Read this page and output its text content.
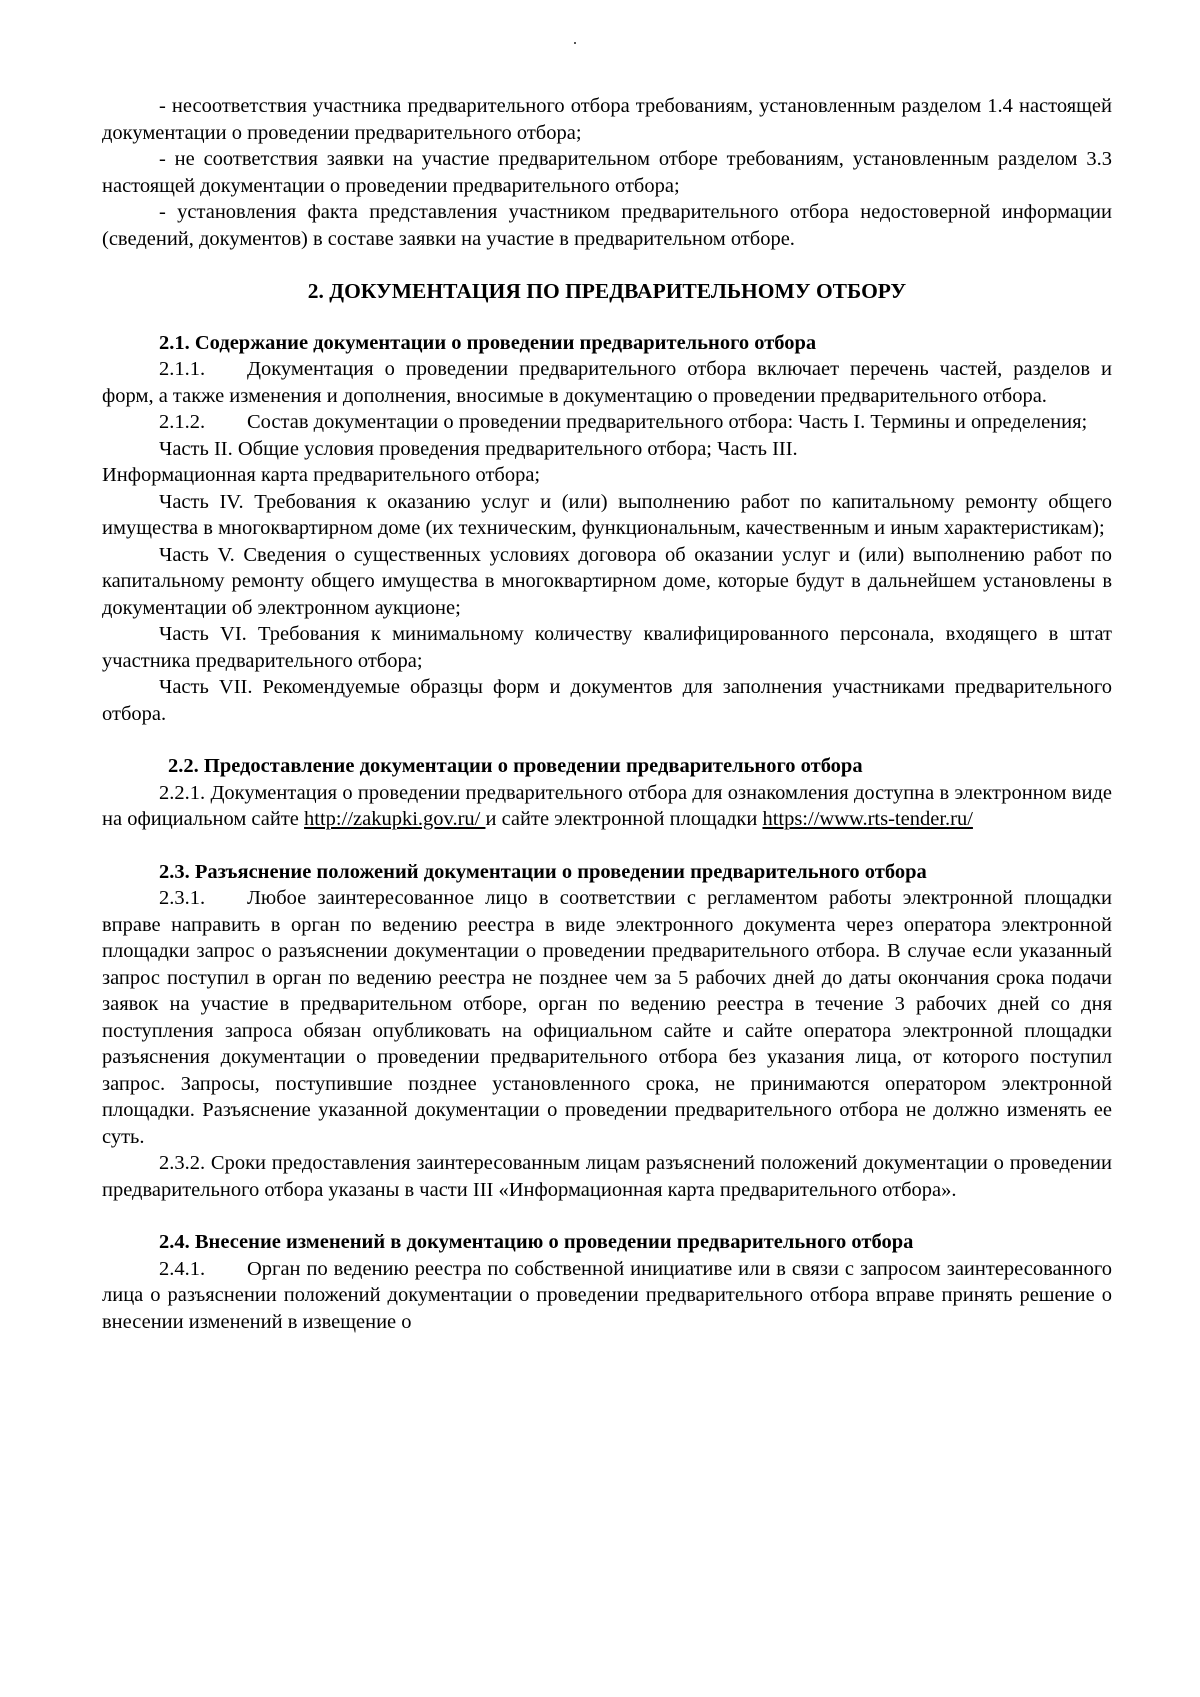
- несоответствия участника предварительного отбора требованиям, установленным разделом 1.4 настоящей документации о проведении предварительного отбора;

- не соответствия заявки на участие предварительном отборе требованиям, установленным разделом 3.3 настоящей документации о проведении предварительного отбора;

- установления факта представления участником предварительного отбора недостоверной информации (сведений, документов) в составе заявки на участие в предварительном отборе.

2. ДОКУМЕНТАЦИЯ ПО ПРЕДВАРИТЕЛЬНОМУ ОТБОРУ

2.1. Содержание документации о проведении предварительного отбора

2.1.1. Документация о проведении предварительного отбора включает перечень частей, разделов и форм, а также изменения и дополнения, вносимые в документацию о проведении предварительного отбора.

2.1.2. Состав документации о проведении предварительного отбора: Часть I. Термины и определения;

Часть II. Общие условия проведения предварительного отбора; Часть III.

Информационная карта предварительного отбора;

Часть IV. Требования к оказанию услуг и (или) выполнению работ по капитальному ремонту общего имущества в многоквартирном доме (их техническим, функциональным, качественным и иным характеристикам);

Часть V. Сведения о существенных условиях договора об оказании услуг и (или) выполнению работ по капитальному ремонту общего имущества в многоквартирном доме, которые будут в дальнейшем установлены в документации об электронном аукционе;

Часть VI. Требования к минимальному количеству квалифицированного персонала, входящего в штат участника предварительного отбора;

Часть VII. Рекомендуемые образцы форм и документов для заполнения участниками предварительного отбора.

2.2. Предоставление документации о проведении предварительного отбора

2.2.1. Документация о проведении предварительного отбора для ознакомления доступна в электронном виде на официальном сайте http://zakupki.gov.ru/ и сайте электронной площадки https://www.rts-tender.ru/

2.3. Разъяснение положений документации о проведении предварительного отбора

2.3.1. Любое заинтересованное лицо в соответствии с регламентом работы электронной площадки вправе направить в орган по ведению реестра в виде электронного документа через оператора электронной площадки запрос о разъяснении документации о проведении предварительного отбора. В случае если указанный запрос поступил в орган по ведению реестра не позднее чем за 5 рабочих дней до даты окончания срока подачи заявок на участие в предварительном отборе, орган по ведению реестра в течение 3 рабочих дней со дня поступления запроса обязан опубликовать на официальном сайте и сайте оператора электронной площадки разъяснения документации о проведении предварительного отбора без указания лица, от которого поступил запрос. Запросы, поступившие позднее установленного срока, не принимаются оператором электронной площадки. Разъяснение указанной документации о проведении предварительного отбора не должно изменять ее суть.

2.3.2. Сроки предоставления заинтересованным лицам разъяснений положений документации о проведении предварительного отбора указаны в части III «Информационная карта предварительного отбора».

2.4. Внесение изменений в документацию о проведении предварительного отбора

2.4.1. Орган по ведению реестра по собственной инициативе или в связи с запросом заинтересованного лица о разъяснении положений документации о проведении предварительного отбора вправе принять решение о внесении изменений в извещение о
